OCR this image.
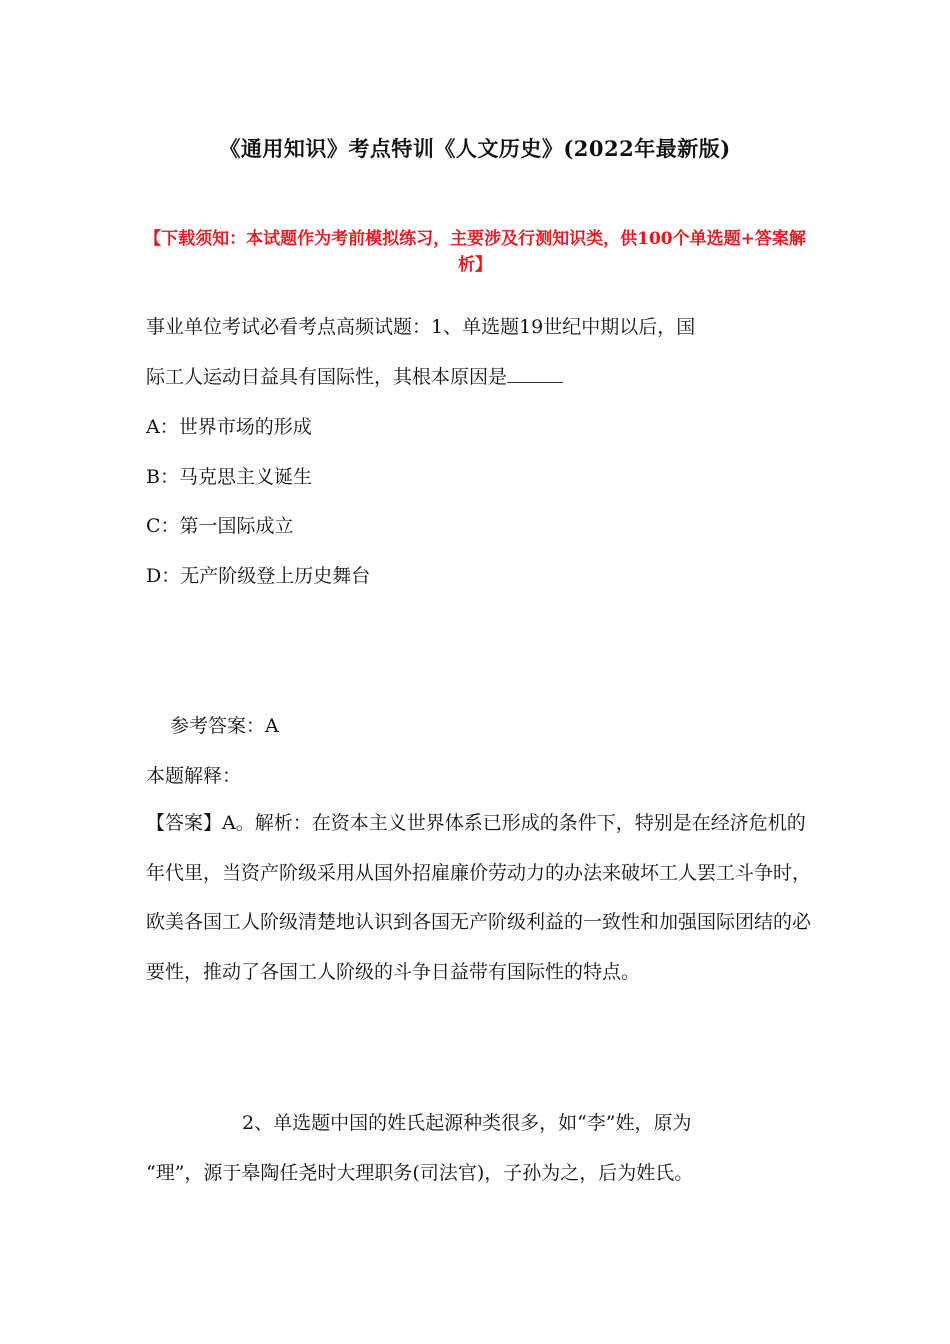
《通用知识》考点特训《人文历史》(2022年最新版)
【下载须知：本试题作为考前模拟练习，主要涉及行测知识类，供100个单选题+答案解析】
事业单位考试必看考点高频试题：1、单选题19世纪中期以后，国
际工人运动日益具有国际性，其根本原因是
A：世界市场的形成
B：马克思主义诞生
C：第一国际成立
D：无产阶级登上历史舞台
参考答案：A
本题解释：
【答案】A。解析：在资本主义世界体系已形成的条件下，特别是在经济危机的年代里，当资产阶级采用从国外招雇廉价劳动力的办法来破坏工人罢工斗争时，欧美各国工人阶级清楚地认识到各国无产阶级利益的一致性和加强国际团结的必要性，推动了各国工人阶级的斗争日益带有国际性的特点。
2、单选题中国的姓氏起源种类很多，如“李”姓，原为
“理”，源于皋陶任尧时大理职务(司法官)，子孙为之，后为姓氏。
